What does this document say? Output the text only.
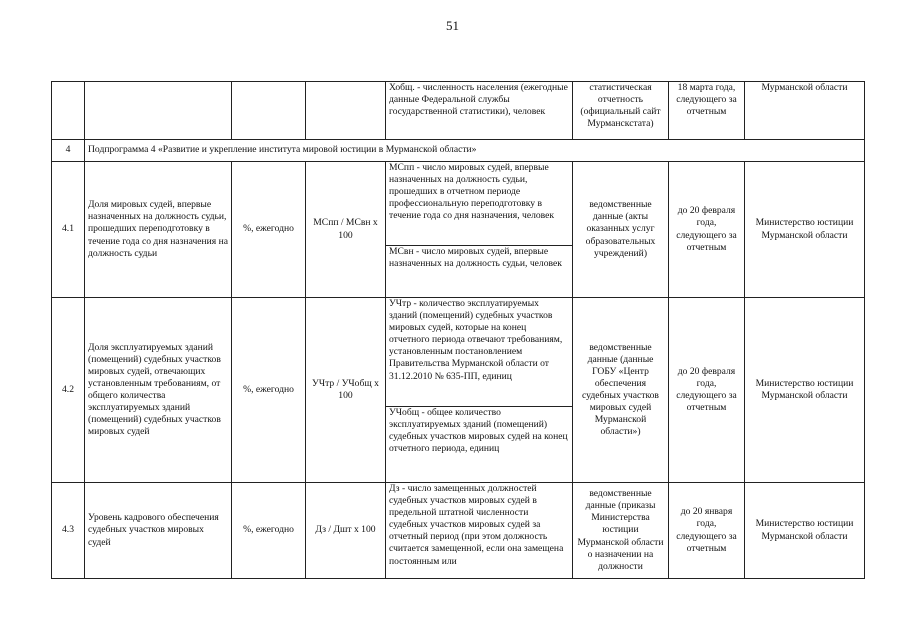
51
				Хобщ. - численность населения (ежегодные данные Федеральной службы государственной статистики), человек	статистическая отчетность (официальный сайт Мурманскстата)	18 марта года, следующего за отчетным	Мурманской области
4	Подпрограмма 4 «Развитие и укрепление института мировой юстиции в Мурманской области»						
4.1	Доля мировых судей, впервые назначенных на должность судьи, прошедших переподготовку в течение года со дня назначения на должность судьи	%, ежегодно	МСпп / МСвн х 100	МСпп - число мировых судей, впервые назначенных на должность судьи, прошедших в отчетном периоде профессиональную переподготовку в течение года со дня назначения, человек	ведомственные данные (акты оказанных услуг образовательных учреждений)	до 20 февраля года, следующего за отчетным	Министерство юстиции Мурманской области
				МСвн - число мировых судей, впервые назначенных на должность судьи, человек			
4.2	Доля эксплуатируемых зданий (помещений) судебных участков мировых судей, отвечающих установленным требованиям, от общего количества эксплуатируемых зданий (помещений) судебных участков мировых судей	%, ежегодно	УЧтр / УЧобщ х 100	УЧтр - количество эксплуатируемых зданий (помещений) судебных участков мировых судей, которые на конец отчетного периода отвечают требованиям, установленным постановлением Правительства Мурманской области от 31.12.2010 № 635-ПП, единиц	ведомственные данные (данные ГОБУ «Центр обеспечения судебных участков мировых судей Мурманской области»)	до 20 февраля года, следующего за отчетным	Министерство юстиции Мурманской области
				УЧобщ - общее количество эксплуатируемых зданий (помещений) судебных участков мировых судей на конец отчетного периода, единиц			
4.3	Уровень кадрового обеспечения судебных участков мировых судей	%, ежегодно	Дз / Дшт х 100	Дз - число замещенных должностей судебных участков мировых судей в предельной штатной численности судебных участков мировых судей за отчетный период (при этом должность считается замещенной, если она замещена постоянным или	ведомственные данные (приказы Министерства юстиции Мурманской области о назначении на должности	до 20 января года, следующего за отчетным	Министерство юстиции Мурманской области
